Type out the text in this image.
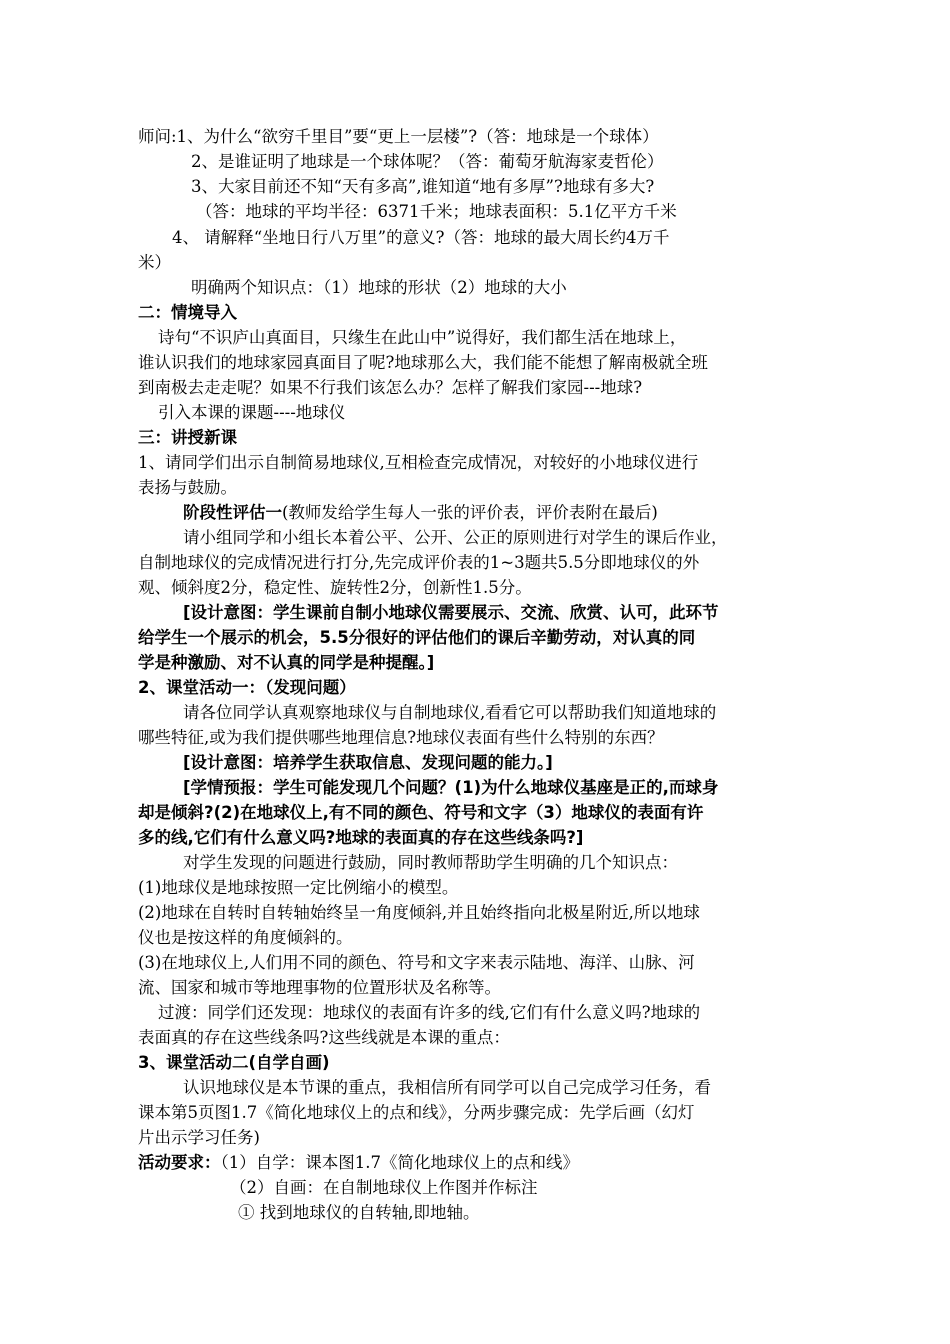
师问:1、为什么“欲穷千里目”要“更上一层楼”?（答：地球是一个球体）
2、是谁证明了地球是一个球体呢？（答：葡萄牙航海家麦哲伦）
3、大家目前还不知“天有多高”,谁知道“地有多厚”?地球有多大?
（答：地球的平均半径：6371千米；地球表面积：5.1亿平方千米
4、 请解释“坐地日行八万里”的意义?（答：地球的最大周长约4万千
米）
明确两个知识点：（1）地球的形状（2）地球的大小
二：情境导入
诗句“不识庐山真面目，只缘生在此山中”说得好，我们都生活在地球上，
谁认识我们的地球家园真面目了呢?地球那么大，我们能不能想了解南极就全班
到南极去走走呢？如果不行我们该怎么办？怎样了解我们家园---地球?
引入本课的课题----地球仪
三：讲授新课
1、请同学们出示自制简易地球仪,互相检查完成情况，对较好的小地球仪进行
表扬与鼓励。
阶段性评估一(教师发给学生每人一张的评价表，评价表附在最后)
请小组同学和小组长本着公平、公开、公正的原则进行对学生的课后作业，
自制地球仪的完成情况进行打分,先完成评价表的1~3题共5.5分即地球仪的外
观、倾斜度2分，稳定性、旋转性2分，创新性1.5分。
[设计意图：学生课前自制小地球仪需要展示、交流、欣赏、认可，此环节
给学生一个展示的机会，5.5分很好的评估他们的课后辛勤劳动，对认真的同
学是种激励、对不认真的同学是种提醒。]
2、课堂活动一：（发现问题）
请各位同学认真观察地球仪与自制地球仪,看看它可以帮助我们知道地球的
哪些特征,或为我们提供哪些地理信息?地球仪表面有些什么特别的东西？
[设计意图：培养学生获取信息、发现问题的能力。]
[学情预报：学生可能发现几个问题？(1)为什么地球仪基座是正的,而球身
却是倾斜?(2)在地球仪上,有不同的颜色、符号和文字（3）地球仪的表面有许
多的线,它们有什么意义吗?地球的表面真的存在这些线条吗?]
对学生发现的问题进行鼓励，同时教师帮助学生明确的几个知识点：
(1)地球仪是地球按照一定比例缩小的模型。
(2)地球在自转时自转轴始终呈一角度倾斜,并且始终指向北极星附近,所以地球
仪也是按这样的角度倾斜的。
(3)在地球仪上,人们用不同的颜色、符号和文字来表示陆地、海洋、山脉、河
流、国家和城市等地理事物的位置形状及名称等。
过渡：同学们还发现：地球仪的表面有许多的线,它们有什么意义吗?地球的
表面真的存在这些线条吗?这些线就是本课的重点：
3、课堂活动二(自学自画)
认识地球仪是本节课的重点，我相信所有同学可以自己完成学习任务，看
课本第5页图1.7《简化地球仪上的点和线》，分两步骤完成：先学后画（幻灯
片出示学习任务)
活动要求：（1）自学：课本图1.7《简化地球仪上的点和线》
（2）自画：在自制地球仪上作图并作标注
① 找到地球仪的自转轴,即地轴。
